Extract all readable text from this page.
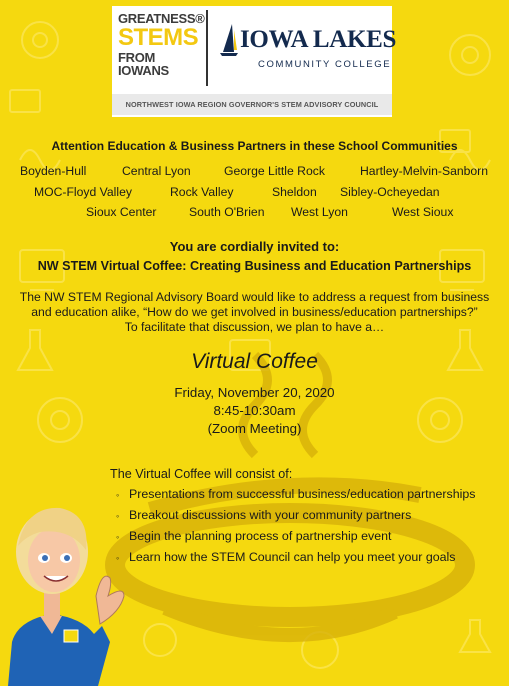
GREATNESS®
STEMS
FROM IOWANS
IOWA LAKES
COMMUNITY COLLEGE
NORTHWEST IOWA REGION GOVERNOR'S STEM ADVISORY COUNCIL
Attention Education & Business Partners in these School Communities
Boyden-Hull	Central Lyon	George Little Rock	Hartley-Melvin-Sanborn
MOC-Floyd Valley	Rock Valley	Sheldon Sibley-Ocheyedan
Sioux Center	South O'Brien West Lyon	West Sioux
You are cordially invited to:
NW STEM Virtual Coffee: Creating Business and Education Partnerships
The NW STEM Regional Advisory Board would like to address a request from business
and education alike, “How do we get involved in business/education partnerships?”
To facilitate that discussion, we plan to have a…
Virtual Coffee
Friday, November 20, 2020
8:45-10:30am
(Zoom Meeting)
The Virtual Coffee will consist of:
◦ Presentations from successful business/education partnerships
◦ Breakout discussions with your community partners
◦ Begin the planning process of partnership event
◦ Learn how the STEM Council can help you meet your goals
